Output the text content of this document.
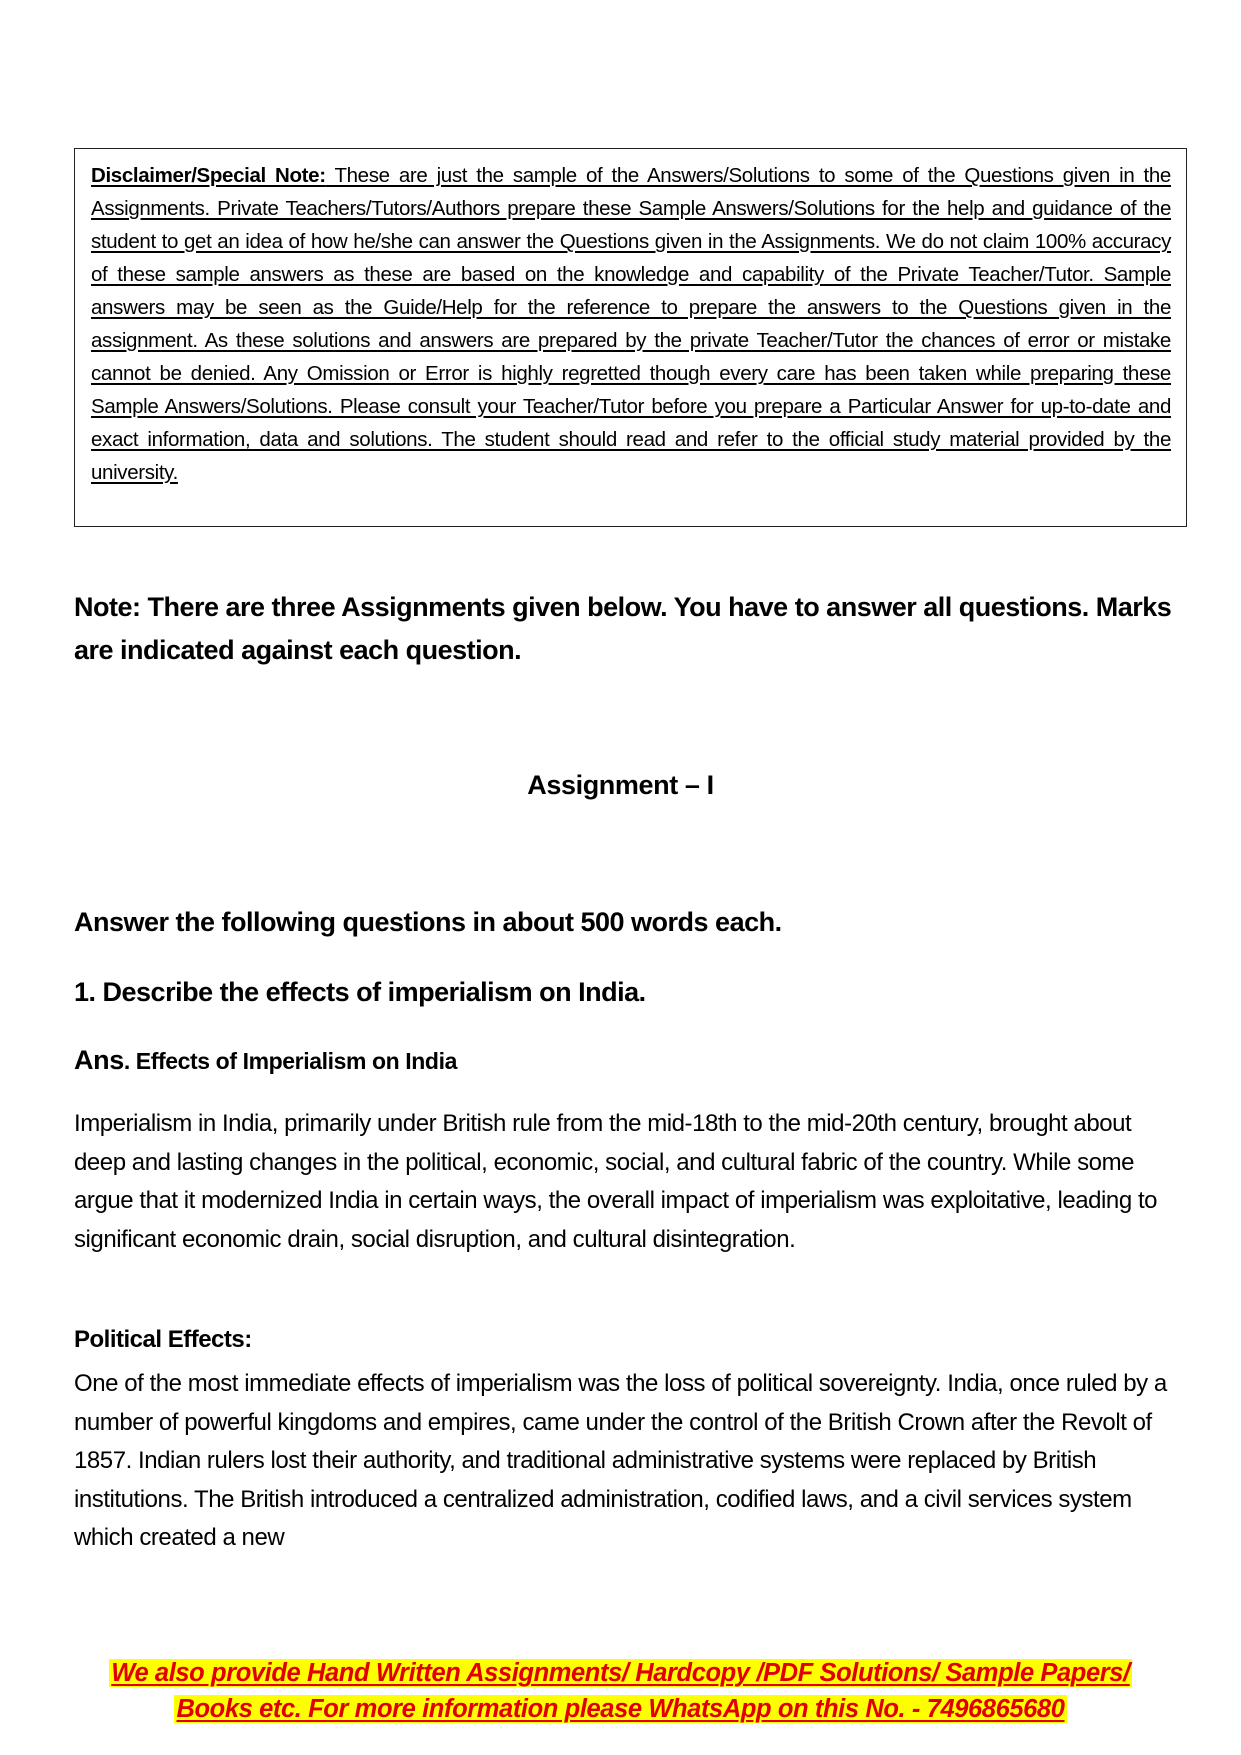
Disclaimer/Special Note: These are just the sample of the Answers/Solutions to some of the Questions given in the Assignments. Private Teachers/Tutors/Authors prepare these Sample Answers/Solutions for the help and guidance of the student to get an idea of how he/she can answer the Questions given in the Assignments. We do not claim 100% accuracy of these sample answers as these are based on the knowledge and capability of the Private Teacher/Tutor. Sample answers may be seen as the Guide/Help for the reference to prepare the answers to the Questions given in the assignment. As these solutions and answers are prepared by the private Teacher/Tutor the chances of error or mistake cannot be denied. Any Omission or Error is highly regretted though every care has been taken while preparing these Sample Answers/Solutions. Please consult your Teacher/Tutor before you prepare a Particular Answer for up-to-date and exact information, data and solutions. The student should read and refer to the official study material provided by the university.

Note: There are three Assignments given below. You have to answer all questions. Marks are indicated against each question.
Assignment – I
Answer the following questions in about 500 words each.
1. Describe the effects of imperialism on India.
Ans. Effects of Imperialism on India

Imperialism in India, primarily under British rule from the mid-18th to the mid-20th century, brought about deep and lasting changes in the political, economic, social, and cultural fabric of the country. While some argue that it modernized India in certain ways, the overall impact of imperialism was exploitative, leading to significant economic drain, social disruption, and cultural disintegration.

Political Effects:

One of the most immediate effects of imperialism was the loss of political sovereignty. India, once ruled by a number of powerful kingdoms and empires, came under the control of the British Crown after the Revolt of 1857. Indian rulers lost their authority, and traditional administrative systems were replaced by British institutions. The British introduced a centralized administration, codified laws, and a civil services system which created a new

We also provide Hand Written Assignments/ Hardcopy /PDF Solutions/ Sample Papers/
Books etc. For more information please WhatsApp on this No. - 7496865680
